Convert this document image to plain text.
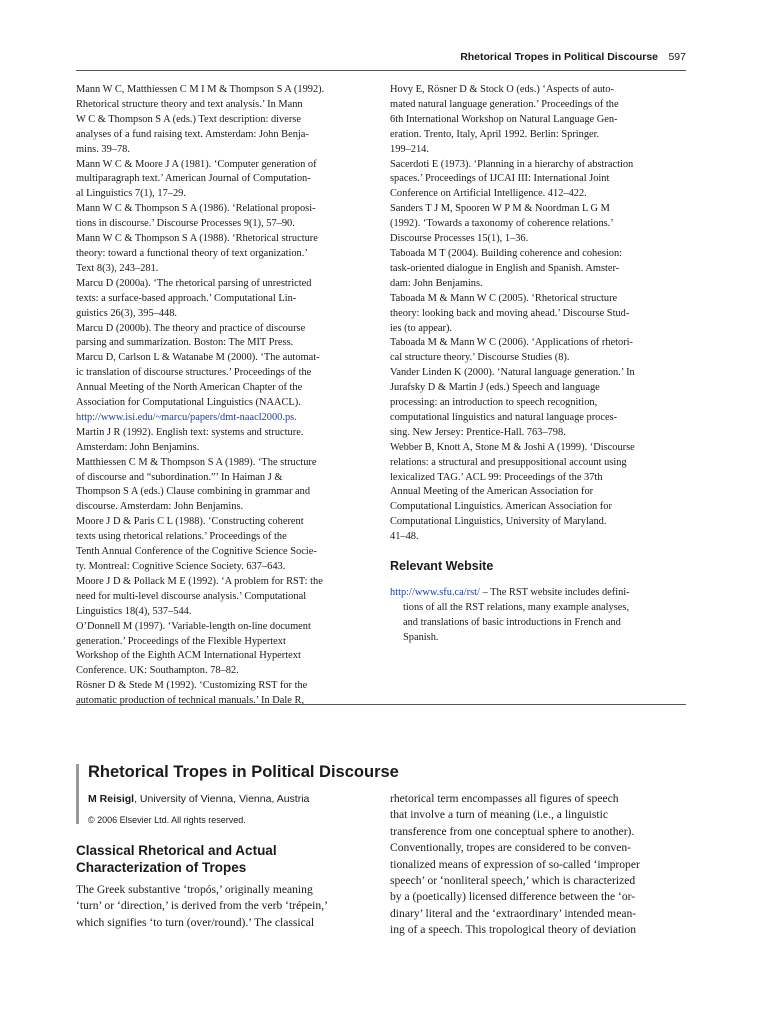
Rhetorical Tropes in Political Discourse 597

Mann W C, Matthiessen C M I M & Thompson S A (1992).
Rhetorical structure theory and text analysis.’ In Mann
W C & Thompson S A (eds.) Text description: diverse
analyses of a fund raising text. Amsterdam: John Benja-
mins. 39–78.

Mann W C & Moore J A (1981). ‘Computer generation of
multiparagraph text.’ American Journal of Computation-
al Linguistics 7(1), 17–29.

Mann W C & Thompson S A (1986). ‘Relational proposi-
tions in discourse.’ Discourse Processes 9(1), 57–90.

Mann W C & Thompson S A (1988). ‘Rhetorical structure
theory: toward a functional theory of text organization.’
Text 8(3), 243–281.

Marcu D (2000a). ‘The rhetorical parsing of unrestricted
texts: a surface-based approach.’ Computational Lin-
guistics 26(3), 395–448.

Marcu D (2000b). The theory and practice of discourse
parsing and summarization. Boston: The MIT Press.

Marcu D, Carlson L & Watanabe M (2000). ‘The automat-
ic translation of discourse structures.’ Proceedings of the
Annual Meeting of the North American Chapter of the
Association for Computational Linguistics (NAACL).
http://www.isi.edu/~marcu/papers/dmt-naacl2000.ps.

Martin J R (1992). English text: systems and structure.
Amsterdam: John Benjamins.

Matthiessen C M & Thompson S A (1989). ‘The structure
of discourse and “subordination.”’ In Haiman J &
Thompson S A (eds.) Clause combining in grammar and
discourse. Amsterdam: John Benjamins.

Moore J D & Paris C L (1988). ‘Constructing coherent
texts using rhetorical relations.’ Proceedings of the
Tenth Annual Conference of the Cognitive Science Socie-
ty. Montreal: Cognitive Science Society. 637–643.

Moore J D & Pollack M E (1992). ‘A problem for RST: the
need for multi-level discourse analysis.’ Computational
Linguistics 18(4), 537–544.

O’Donnell M (1997). ‘Variable-length on-line document
generation.’ Proceedings of the Flexible Hypertext
Workshop of the Eighth ACM International Hypertext
Conference. UK: Southampton. 78–82.

Rösner D & Stede M (1992). ‘Customizing RST for the
automatic production of technical manuals.’ In Dale R,

Hovy E, Rösner D & Stock O (eds.) ‘Aspects of auto-
mated natural language generation.’ Proceedings of the
6th International Workshop on Natural Language Gen-
eration. Trento, Italy, April 1992. Berlin: Springer.
199–214.

Sacerdoti E (1973). ‘Planning in a hierarchy of abstraction
spaces.’ Proceedings of IJCAI III: International Joint
Conference on Artificial Intelligence. 412–422.

Sanders T J M, Spooren W P M & Noordman L G M
(1992). ‘Towards a taxonomy of coherence relations.’
Discourse Processes 15(1), 1–36.

Taboada M T (2004). Building coherence and cohesion:
task-oriented dialogue in English and Spanish. Amster-
dam: John Benjamins.

Taboada M & Mann W C (2005). ‘Rhetorical structure
theory: looking back and moving ahead.’ Discourse Stud-
ies (to appear).

Taboada M & Mann W C (2006). ‘Applications of rhetori-
cal structure theory.’ Discourse Studies (8).

Vander Linden K (2000). ‘Natural language generation.’ In
Jurafsky D & Martin J (eds.) Speech and language
processing: an introduction to speech recognition,
computational linguistics and natural language proces-
sing. New Jersey: Prentice-Hall. 763–798.

Webber B, Knott A, Stone M & Joshi A (1999). ‘Discourse
relations: a structural and presuppositional account using
lexicalized TAG.’ ACL 99: Proceedings of the 37th
Annual Meeting of the American Association for
Computational Linguistics. American Association for
Computational Linguistics, University of Maryland.
41–48.

Relevant Website
http://www.sfu.ca/rst/ – The RST website includes defini-
tions of all the RST relations, many example analyses,
and translations of basic introductions in French and
Spanish.
Rhetorical Tropes in Political Discourse
M Reisigl, University of Vienna, Vienna, Austria
© 2006 Elsevier Ltd. All rights reserved.
Classical Rhetorical and Actual
Characterization of Tropes

The Greek substantive ‘tropós,’ originally meaning
‘turn’ or ‘direction,’ is derived from the verb ‘trépein,’
which signifies ‘to turn (over/round).’ The classical

rhetorical term encompasses all figures of speech
that involve a turn of meaning (i.e., a linguistic
transference from one conceptual sphere to another).
Conventionally, tropes are considered to be conven-
tionalized means of expression of so-called ‘improper
speech’ or ‘nonliteral speech,’ which is characterized
by a (poetically) licensed difference between the ‘or-
dinary’ literal and the ‘extraordinary’ intended mean-
ing of a speech. This tropological theory of deviation
